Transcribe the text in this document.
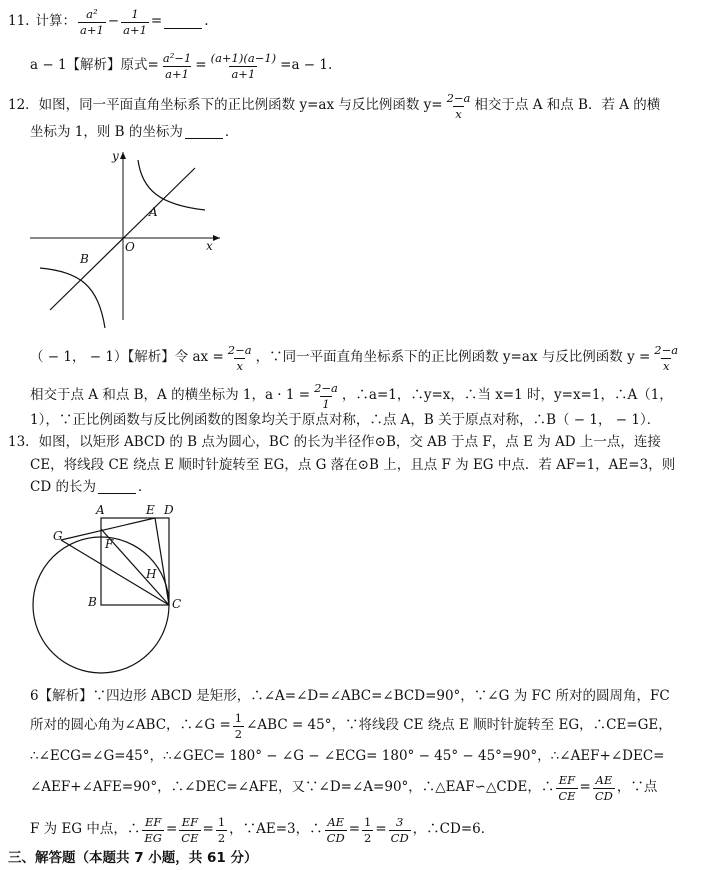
11. 计算： $\frac{\text{a²}}{a+1} - \frac{1}{a+1}$ =	.
a − 1【解析】原式= $\frac{\text{a²−1}}{a+1} = \frac{(a+1)(a-1)}{a+1} =a - 1$.
12．如图，同一平面直角坐标系下的正比例函数 y=ax 与反比例函数 $y= \frac{2-a}{x}$ 相交于点 A 和点 B．若 A 的横
坐标为 1，则 B 的坐标为	．
y
x
O
A
B
（ − 1， − 1）【解析】令 ax = $\frac{2-a}{x}$ ，∵同一平面直角坐标系下的正比例函数 y=ax 与反比例函数 $y = \frac{2-a}{x}$
相交于点 A 和点 B，A 的横坐标为 1，$a \cdot 1 = \frac{2-a}{1}$ ，∴a=1，∴y=x，∴当 x=1 时，y=x=1，∴A（1，
1），∵正比例函数与反比例函数的图象均关于原点对称，∴点 A，B 关于原点对称，∴B（ − 1， − 1）．
13．如图，以矩形 ABCD 的 B 点为圆心，BC 的长为半径作⊙B，交 AB 于点 F，点 E 为 AD 上一点，连接
CE，将线段 CE 绕点 E 顺时针旋转至 EG，点 G 落在⊙B 上，且点 F 为 EG 中点．若 AF=1，AE=3，则
CD 的长为	．
A	E D
G
F
H
B	C
6【解析】∵四边形 ABCD 是矩形，∴∠A=∠D=∠ABC=∠BCD=90°，∵∠G 为 FC 所对的圆周角，FC
所对的圆心角为∠ABC，∴∠G = $\frac{1}{2}$ ∠ABC = 45°，∵将线段 CE 绕点 E 顺时针旋转至 EG，∴CE=GE，
∴∠ECG=∠G=45°，∴∠GEC= 180° − ∠G − ∠ECG= 180° − 45° − 45°=90°，∴∠AEF+∠DEC=
∠AEF+∠AFE=90°，∴∠DEC=∠AFE，又∵∠D=∠A=90°，∴△EAF∽△CDE，∴ $\frac{EF}{CE} = \frac{AE}{CD}$ ，∵点
F 为 EG 中点，∴ $\frac{EF}{EG} = \frac{EF}{CE} = \frac{1}{2}$ ，∵AE=3，∴ $\frac{AE}{CD} = \frac{1}{2} = \frac{3}{CD}$ ，∴CD=6．
三、解答题（本题共 7 小题，共 61 分）
